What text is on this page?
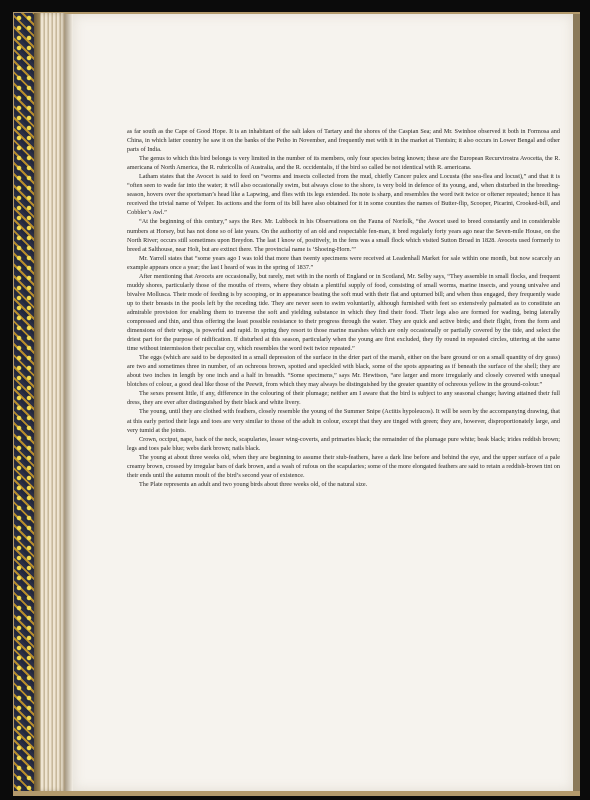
as far south as the Cape of Good Hope. It is an inhabitant of the salt lakes of Tartary and the shores of the Caspian Sea; and Mr. Swinhoe observed it both in Formosa and China, in which latter country he saw it on the banks of the Peiho in November, and frequently met with it in the market at Tientsin; it also occurs in Lower Bengal and other parts of India.

The genus to which this bird belongs is very limited in the number of its members, only four species being known; these are the European Recurvirostra Avocetta, the R. americana of North America, the R. rubricollis of Australia, and the R. occidentalis, if the bird so called be not identical with R. americana.

Latham states that the Avocet is said to feed on “worms and insects collected from the mud, chiefly Cancer pulex and Locusta (the sea-flea and locust),” and that it is “often seen to wade far into the water; it will also occasionally swim, but always close to the shore, is very bold in defence of its young, and, when disturbed in the breeding-season, hovers over the sportsman’s head like a Lapwing, and flies with its legs extended. Its note is sharp, and resembles the word twit twice or oftener repeated; hence it has received the trivial name of Yelper. Its actions and the form of its bill have also obtained for it in some counties the names of Butter-flip, Scooper, Picarini, Crooked-bill, and Cobbler’s Awl.”

“At the beginning of this century,” says the Rev. Mr. Lubbock in his Observations on the Fauna of Norfolk, “the Avocet used to breed constantly and in considerable numbers at Horsey, but has not done so of late years. On the authority of an old and respectable fen-man, it bred regularly forty years ago near the Seven-mile House, on the North River; occurs still sometimes upon Breydon. The last I know of, positively, in the fens was a small flock which visited Sutton Broad in 1828. Avocets used formerly to breed at Salthouse, near Holt, but are extinct there. The provincial name is ‘Shoeing-Horn.’”

Mr. Yarrell states that “some years ago I was told that more than twenty specimens were received at Leadenhall Market for sale within one month, but now scarcely an example appears once a year; the last I heard of was in the spring of 1837.”

After mentioning that Avocets are occasionally, but rarely, met with in the north of England or in Scotland, Mr. Selby says, “They assemble in small flocks, and frequent muddy shores, particularly those of the mouths of rivers, where they obtain a plentiful supply of food, consisting of small worms, marine insects, and young univalve and bivalve Mollusca. Their mode of feeding is by scooping, or in appearance beating the soft mud with their flat and upturned bill; and when thus engaged, they frequently wade up to their breasts in the pools left by the receding tide. They are never seen to swim voluntarily, although furnished with feet so extensively palmated as to constitute an admirable provision for enabling them to traverse the soft and yielding substance in which they find their food. Their legs also are formed for wading, being laterally compressed and thin, and thus offering the least possible resistance to their progress through the water. They are quick and active birds; and their flight, from the form and dimensions of their wings, is powerful and rapid. In spring they resort to those marine marshes which are only occasionally or partially covered by the tide, and select the driest part for the purpose of nidification. If disturbed at this season, particularly when the young are first excluded, they fly round in repeated circles, uttering at the same time without intermission their peculiar cry, which resembles the word twit twice repeated.”

The eggs (which are said to be deposited in a small depression of the surface in the drier part of the marsh, either on the bare ground or on a small quantity of dry grass) are two and sometimes three in number, of an ochreous brown, spotted and speckled with black, some of the spots appearing as if beneath the surface of the shell; they are about two inches in length by one inch and a half in breadth. “Some specimens,” says Mr. Hewitson, “are larger and more irregularly and closely covered with unequal blotches of colour, a good deal like those of the Peewit, from which they may always be distinguished by the greater quantity of ochreous yellow in the ground-colour.”

The sexes present little, if any, difference in the colouring of their plumage; neither am I aware that the bird is subject to any seasonal change; having attained their full dress, they are ever after distinguished by their black and white livery.

The young, until they are clothed with feathers, closely resemble the young of the Summer Snipe (Actitis hypoleucos). It will be seen by the accompanying drawing, that at this early period their legs and toes are very similar to those of the adult in colour, except that they are tinged with green; they are, however, disproportionately large, and very tumid at the joints.

Crown, occiput, nape, back of the neck, scapularies, lesser wing-coverts, and primaries black; the remainder of the plumage pure white; beak black; irides reddish brown; legs and toes pale blue; webs dark brown; nails black.

The young at about three weeks old, when they are beginning to assume their stub-feathers, have a dark line before and behind the eye, and the upper surface of a pale creamy brown, crossed by irregular bars of dark brown, and a wash of rufous on the scapularies; some of the more elongated feathers are said to retain a reddish-brown tint on their ends until the autumn moult of the bird’s second year of existence.

The Plate represents an adult and two young birds about three weeks old, of the natural size.
